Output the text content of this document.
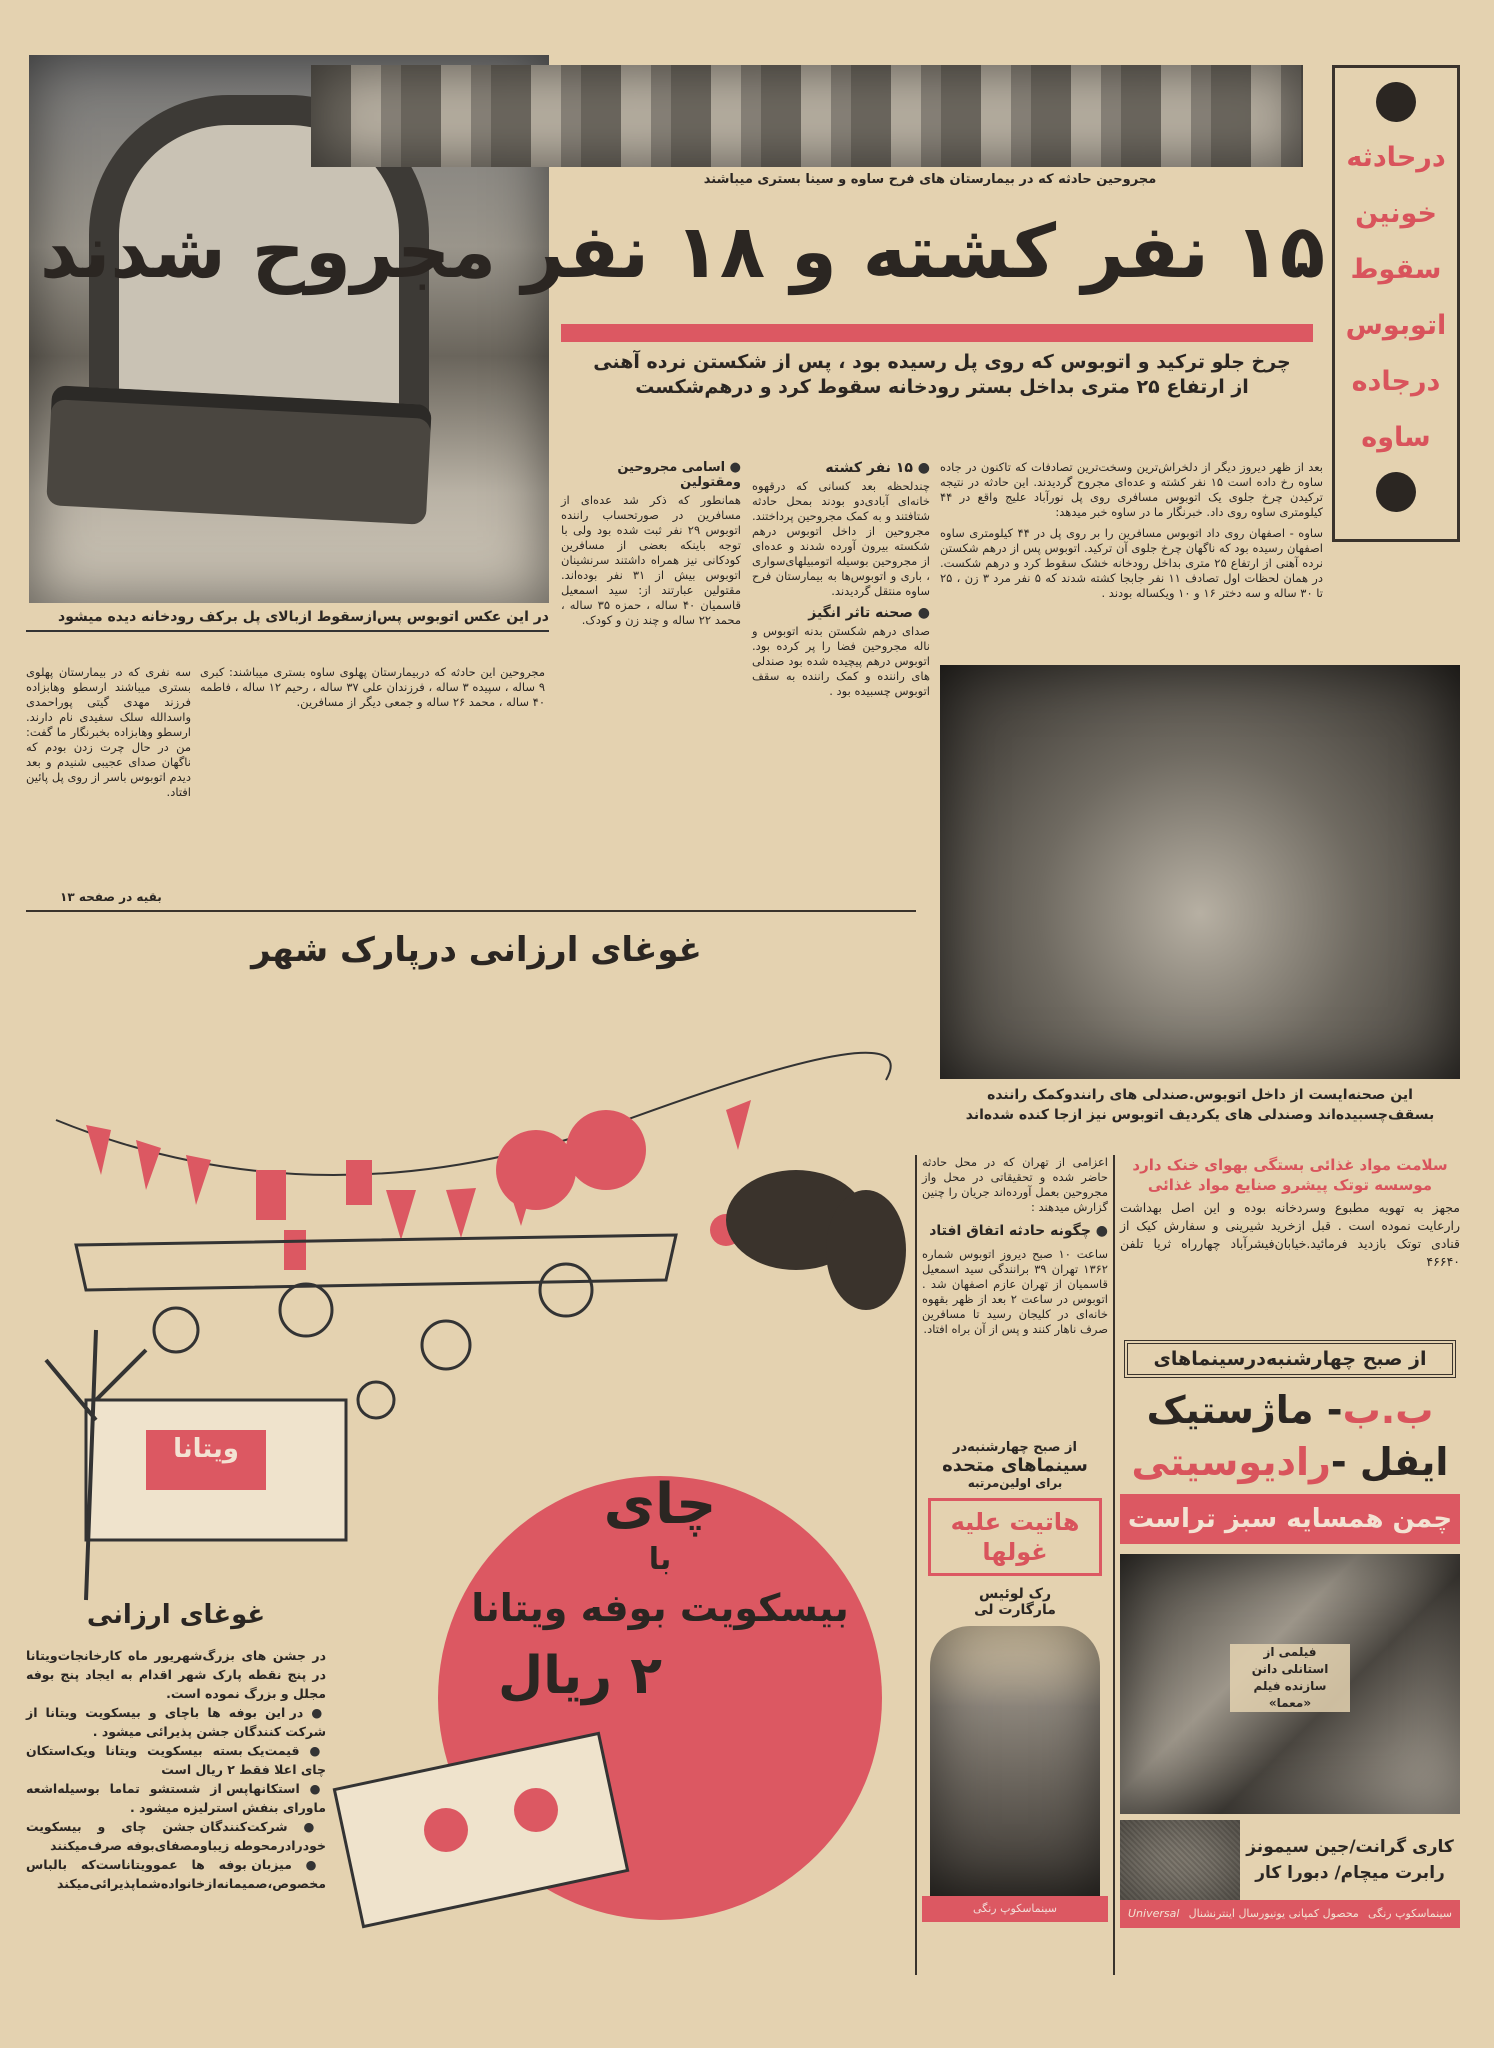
در این عکس اتوبوس پس‌ازسقوط ازبالای پل برکف رودخانه دیده میشود
مجروحین حادثه که در بیمارستان های فرح ساوه و سینا بستری میباشند
۱۵ نفر کشته و ۱۸ نفر مجروح شدند
درحادثه
خونین
سقوط
اتوبوس
درجاده
ساوه
چرخ جلو ترکید و اتوبوس که روی پل رسیده بود ، پس از شکستن نرده آهنی
از ارتفاع ۲۵ متری بداخل بستر رودخانه سقوط کرد و درهم‌شکست
بعد از ظهر دیروز دیگر از دلخراش‌ترین وسخت‌ترین تصادفات که تاکنون در جاده ساوه رخ داده است ۱۵ نفر کشته و عده‌ای مجروح گردیدند. این حادثه در نتیجه ترکیدن چرخ جلوی یک اتوبوس مسافری روی پل نورآباد علیج واقع در ۴۴ کیلومتری ساوه روی داد. خبرنگار ما در ساوه خبر میدهد:
ساوه - اصفهان روی داد اتوبوس مسافرین را بر روی پل در ۴۴ کیلومتری ساوه اصفهان رسیده بود که ناگهان چرخ جلوی آن ترکید. اتوبوس پس از درهم شکستن نرده آهنی از ارتفاع ۲۵ متری بداخل رودخانه خشک سقوط کرد و درهم شکست. در همان لحظات اول تصادف ۱۱ نفر جابجا کشته شدند که ۵ نفر مرد ۳ زن ، ۲۵ تا ۳۰ ساله و سه دختر ۱۶ و ۱۰ ویکساله بودند .
● ۱۵ نفر کشته
چندلحظه بعد کسانی که درقهوه خانه‌ای آبادی‌دو بودند بمحل حادثه شتافتند و به کمک مجروحین پرداختند. مجروحین از داخل اتوبوس درهم شکسته بیرون آورده شدند و عده‌ای از مجروحین بوسیله اتومبیلهای‌سواری ، باری و اتوبوس‌ها به بیمارستان فرح ساوه منتقل گردیدند.
● صحنه تاثر انگیز
صدای درهم شکستن بدنه اتوبوس و ناله مجروحین فضا را پر کرده بود. اتوبوس درهم پیچیده شده بود صندلی های راننده و کمک راننده به سقف اتوبوس چسبیده بود .
● اسامی مجروحین ومقتولین
همانطور که ذکر شد عده‌ای از مسافرین در صورتحساب راننده اتوبوس ۲۹ نفر ثبت شده بود ولی با توجه باینکه بعضی از مسافرین کودکانی نیز همراه داشتند سرنشینان اتوبوس بیش از ۳۱ نفر بوده‌اند. مقتولین عبارتند از: سید اسمعیل قاسمیان ۴۰ ساله ، حمزه ۳۵ ساله ، محمد ۲۲ ساله و چند زن و کودک.
مجروحین این حادثه که دربیمارستان پهلوی ساوه بستری میباشند: کبری ۹ ساله ، سپیده ۳ ساله ، فرزندان علی ۳۷ ساله ، رحیم ۱۲ ساله ، فاطمه ۴۰ ساله ، محمد ۲۶ ساله و جمعی دیگر از مسافرین.
سه نفری که در بیمارستان پهلوی بستری میباشند ارسطو وهابزاده فرزند مهدی گیتی پوراحمدی واسدالله سلک سفیدی نام دارند. ارسطو وهابزاده بخبرنگار ما گفت: من در حال چرت زدن بودم که ناگهان صدای عجیبی شنیدم و بعد دیدم اتوبوس باسر از روی پل پائین افتاد.
بقیه در صفحه ۱۳
این صحنه‌ایست از داخل اتوبوس.صندلی های رانندوکمک راننده بسقف‌چسبیده‌اند وصندلی های یکردیف اتوبوس نیز ازجا کنده شده‌اند
اعزامی از تهران که در محل حادثه حاضر شده و تحقیقاتی در محل واز مجروحین بعمل آورده‌اند جریان را چنین گزارش میدهند :
● چگونه حادثه اتفاق افتاد
ساعت ۱۰ صبح دیروز اتوبوس شماره ۱۳۶۲ تهران ۳۹ برانندگی سید اسمعیل قاسمیان از تهران عازم اصفهان شد . اتوبوس در ساعت ۲ بعد از ظهر بقهوه خانه‌ای در کلیجان رسید تا مسافرین صرف ناهار کنند و پس از آن براه افتاد.
از صبح چهارشنبه‌در
سینماهای متحده
برای اولین‌مرتبه
هاتیت علیه غولها
رک لوئیس
مارگارت لی
سینماسکوپ رنگی
سلامت مواد غذائی بستگی بهوای خنک دارد
موسسه توتک پیشرو صنایع مواد غذائی
مجهز به تهویه مطبوع وسردخانه بوده و این اصل بهداشت رارعایت نموده است . قبل ازخرید شیرینی و سفارش کیک از قنادی توتک بازدید فرمائید.خیابان‌فیشرآباد چهارراه ثریا تلفن ۴۶۶۴۰
از صبح چهارشنبه‌درسینماهای
ب.ب- ماژستیک
ایفل -رادیوسیتی
چمن همسایه سبز تراست
فیلمی از
استانلی دانن
سازنده فیلم
«معما»
کاری گرانت/جین سیمونز
رابرت میچام/ دبورا کار
سینماسکوپ رنگی
محصول کمپانی یونیورسال اینترنشنال
Universal
غوغای ارزانی درپارک شهر
ویتانا
چای
با
بیسکویت بوفه ویتانا
۲ ریال
غوغای ارزانی
در جشن های بزرگ‌شهریور ماه کارخانجات‌ویتانا در پنج نقطه پارک شهر اقدام به ایجاد پنج بوفه مجلل و بزرگ نموده است.
● در این بوفه ها باچای و بیسکویت ویتانا از شرکت کنندگان جشن پذیرائی میشود .
● قیمت‌یک بسته بیسکویت ویتانا ویک‌استکان چای اعلا فقط ۲ ریال است
● استکانهاپس از شستشو تماما بوسیله‌اشعه ماورای بنفش استرلیزه میشود .
● شرکت‌کنندگان جشن چای و بیسکویت خودرادرمحوطه زیباومصفای‌بوفه صرف‌میکنند
● میزبان بوفه ها عموویتاناست‌که بالباس مخصوص،صمیمانه‌ازخانواده‌شماپذیرائی‌میکند
